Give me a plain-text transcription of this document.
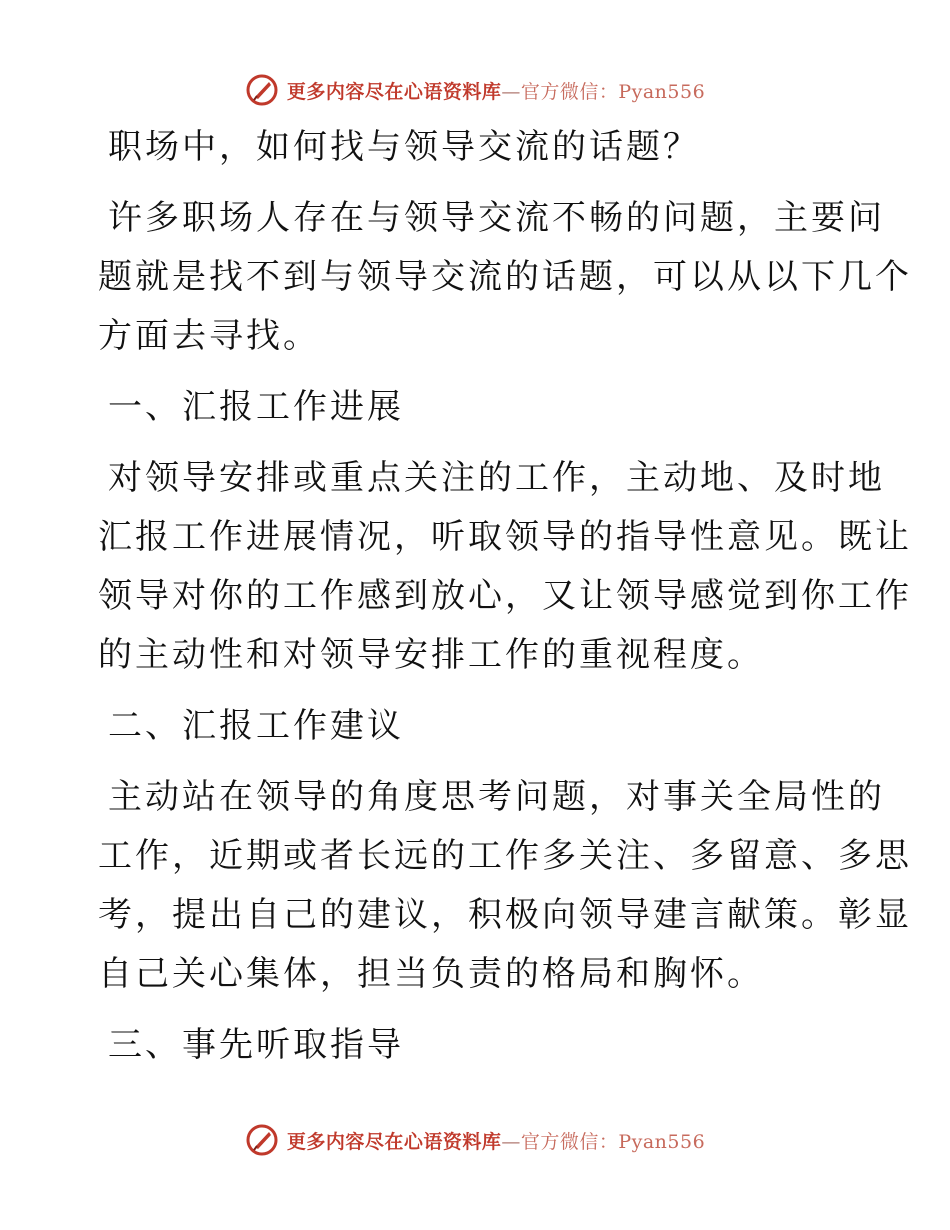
更多内容尽在心语资料库—官方微信：Pyan556

职场中，如何找与领导交流的话题？

许多职场人存在与领导交流不畅的问题，主要问

题就是找不到与领导交流的话题，可以从以下几个

方面去寻找。

一、汇报工作进展

对领导安排或重点关注的工作，主动地、及时地

汇报工作进展情况，听取领导的指导性意见。既让

领导对你的工作感到放心，又让领导感觉到你工作

的主动性和对领导安排工作的重视程度。

二、汇报工作建议

主动站在领导的角度思考问题，对事关全局性的

工作，近期或者长远的工作多关注、多留意、多思

考，提出自己的建议，积极向领导建言献策。彰显

自己关心集体，担当负责的格局和胸怀。

三、事先听取指导

更多内容尽在心语资料库—官方微信：Pyan556
